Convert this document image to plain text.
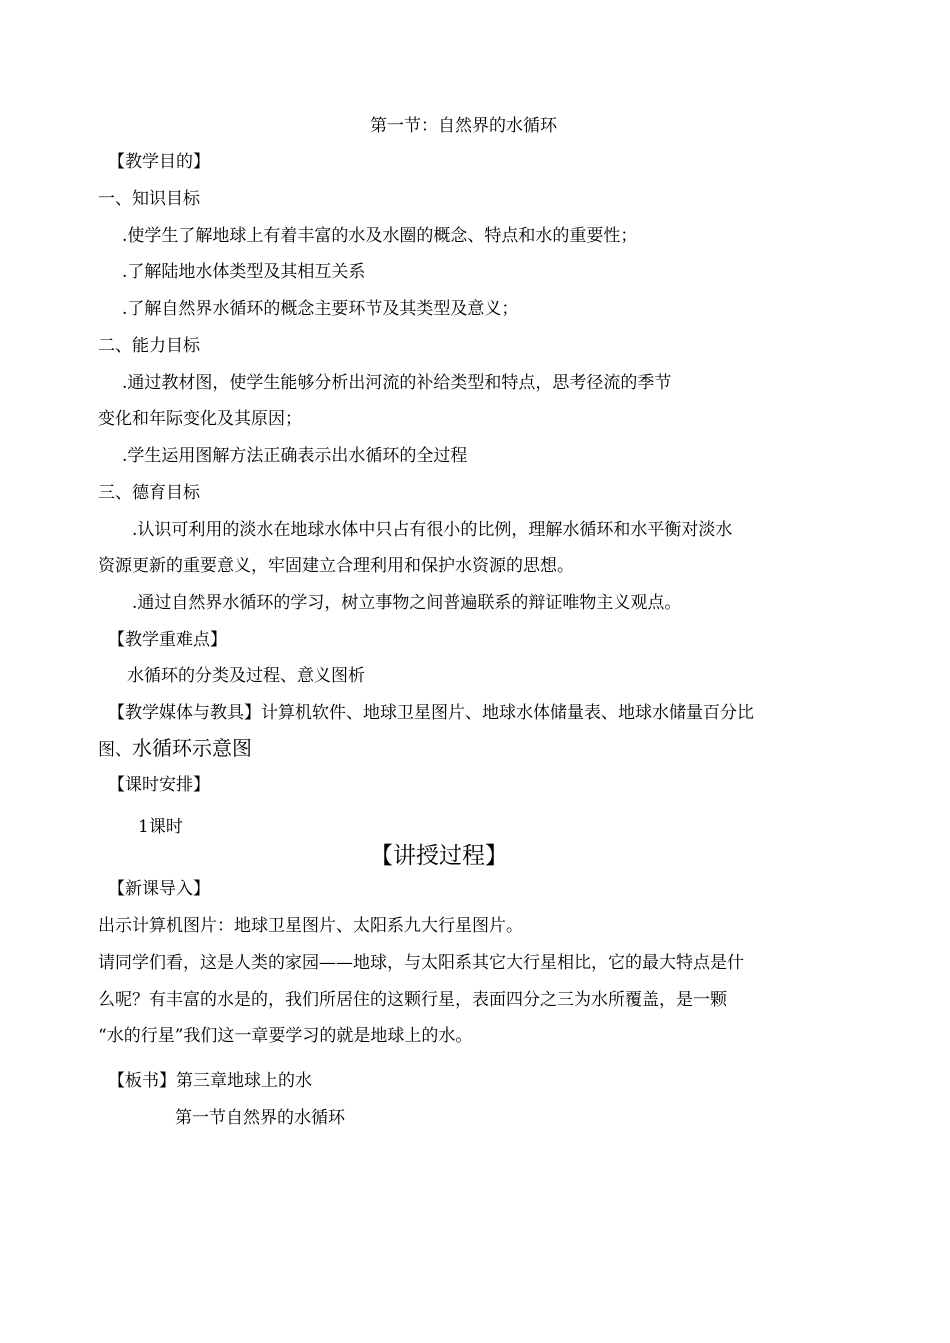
第一节：自然界的水循环

【教学目的】

一、知识目标

.使学生了解地球上有着丰富的水及水圈的概念、特点和水的重要性；

.了解陆地水体类型及其相互关系

.了解自然界水循环的概念主要环节及其类型及意义；

二、能力目标

.通过教材图，使学生能够分析出河流的补给类型和特点，思考径流的季节

变化和年际变化及其原因；

.学生运用图解方法正确表示出水循环的全过程

三、德育目标

.认识可利用的淡水在地球水体中只占有很小的比例，理解水循环和水平衡对淡水

资源更新的重要意义，牢固建立合理利用和保护水资源的思想。

.通过自然界水循环的学习，树立事物之间普遍联系的辩证唯物主义观点。

【教学重难点】

水循环的分类及过程、意义图析

【教学媒体与教具】计算机软件、地球卫星图片、地球水体储量表、地球水储量百分比

图、水循环示意图

【课时安排】

1课时

【讲授过程】

【新课导入】

出示计算机图片：地球卫星图片、太阳系九大行星图片。

请同学们看，这是人类的家园——地球，与太阳系其它大行星相比，它的最大特点是什

么呢？有丰富的水是的，我们所居住的这颗行星，表面四分之三为水所覆盖，是一颗

“水的行星”我们这一章要学习的就是地球上的水。

【板书】第三章地球上的水

第一节自然界的水循环
